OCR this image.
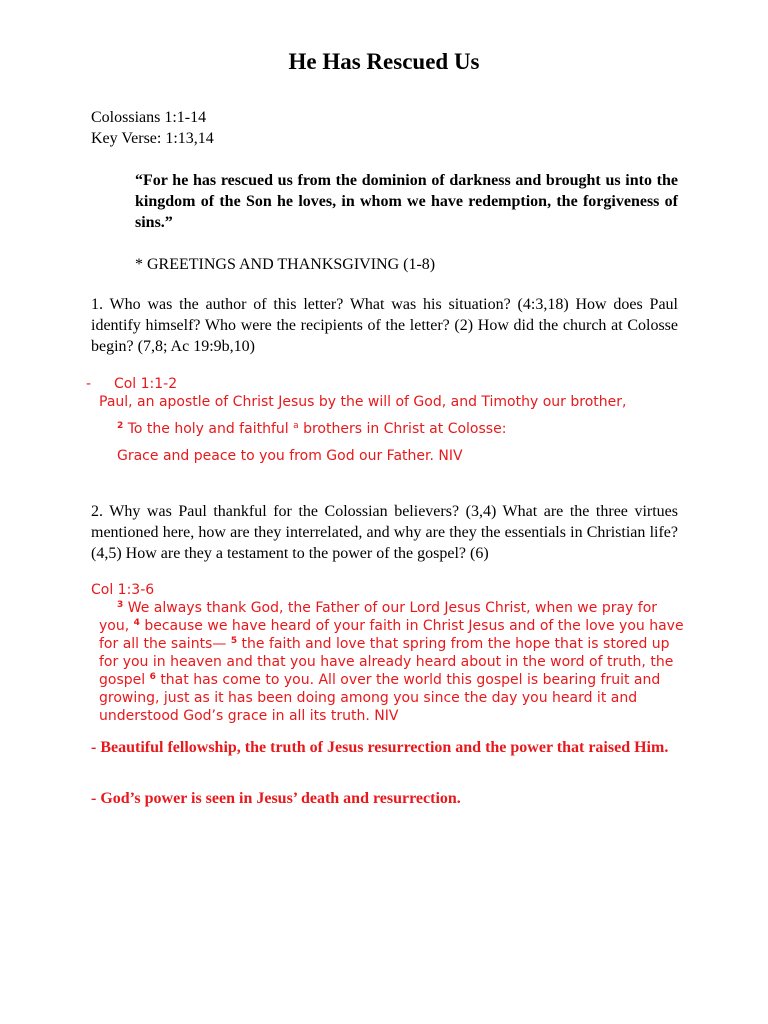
He Has Rescued Us

Colossians 1:1-14

Key Verse: 1:13,14

“For he has rescued us from the dominion of darkness and brought us into the kingdom of the Son he loves, in whom we have redemption, the forgiveness of sins.”

* GREETINGS AND THANKSGIVING (1-8)

1. Who was the author of this letter? What was his situation? (4:3,18) How does Paul identify himself? Who were the recipients of the letter? (2) How did the church at Colosse begin? (7,8; Ac 19:9b,10)

- Col 1:1-2
Paul, an apostle of Christ Jesus by the will of God, and Timothy our brother,
$^2$ To the holy and faithful $^a$ brothers in Christ at Colosse:
Grace and peace to you from God our Father. NIV

2. Why was Paul thankful for the Colossian believers? (3,4) What are the three virtues mentioned here, how are they interrelated, and why are they the essentials in Christian life? (4,5) How are they a testament to the power of the gospel? (6)

Col 1:3-6
$^3$ We always thank God, the Father of our Lord Jesus Christ, when we pray for
you, $^4$ because we have heard of your faith in Christ Jesus and of the love you have
for all the saints— $^5$ the faith and love that spring from the hope that is stored up
for you in heaven and that you have already heard about in the word of truth, the
gospel $^6$ that has come to you. All over the world this gospel is bearing fruit and
growing, just as it has been doing among you since the day you heard it and
understood God’s grace in all its truth. NIV

- Beautiful fellowship, the truth of Jesus resurrection and the power that raised Him.

- God’s power is seen in Jesus’ death and resurrection.
